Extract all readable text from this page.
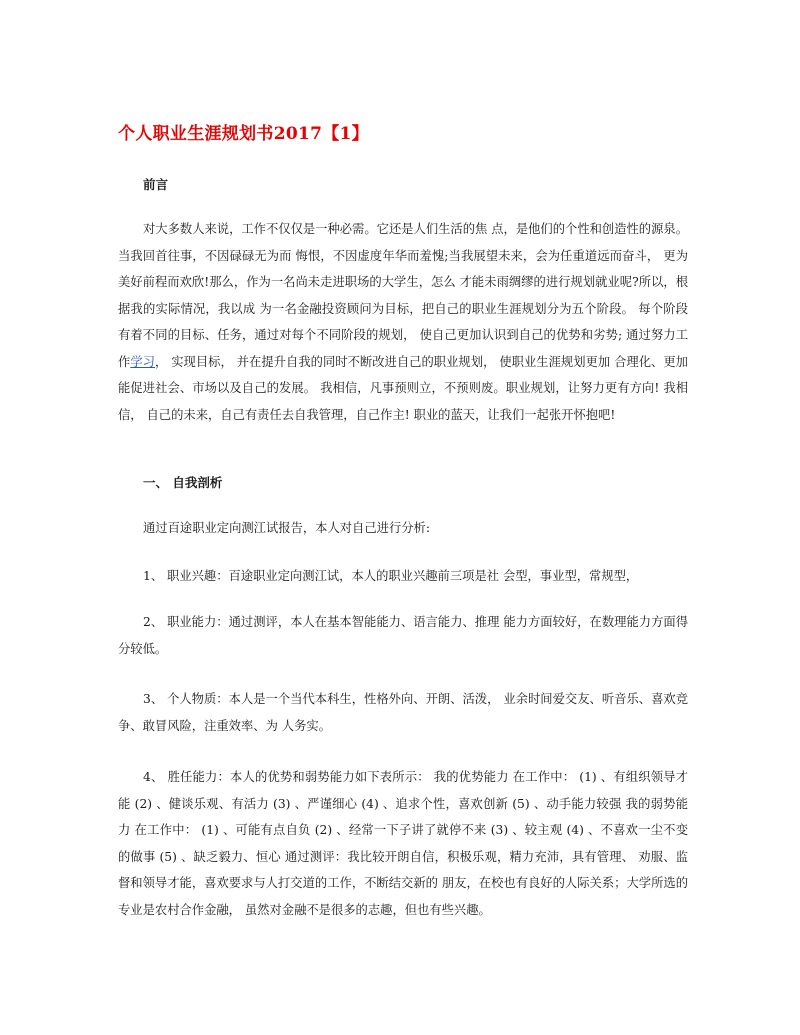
个人职业生涯规划书2017【1】
前言

对大多数人来说，工作不仅仅是一种必需。它还是人们生活的焦 点，是他们的个性和创造性的源泉。当我回首往事，不因碌碌无为而 悔恨，不因虚度年华而羞愧;当我展望未来，会为任重道远而奋斗， 更为美好前程而欢欣!那么，作为一名尚未走进职场的大学生，怎么 才能未雨绸缪的进行规划就业呢?所以，根据我的实际情况，我以成 为一名金融投资顾问为目标，把自己的职业生涯规划分为五个阶段。 每个阶段有着不同的目标、任务，通过对每个不同阶段的规划， 使自己更加认识到自己的优势和劣势; 通过努力工作学习， 实现目标， 并在提升自我的同时不断改进自己的职业规划， 使职业生涯规划更加 合理化、更加能促进社会、市场以及自己的发展。 我相信，凡事预则立，不预则废。职业规划，让努力更有方向! 我相信， 自己的未来，自己有责任去自我管理，自己作主! 职业的蓝天，让我们一起张开怀抱吧!

一、 自我剖析

通过百途职业定向测江试报告，本人对自己进行分析:

1、 职业兴趣：百途职业定向测江试，本人的职业兴趣前三项是社 会型，事业型，常规型，

2、 职业能力：通过测评，本人在基本智能能力、语言能力、推理 能力方面较好，在数理能力方面得分较低。

3、 个人物质：本人是一个当代本科生，性格外向、开朗、活泼， 业余时间爱交友、听音乐、喜欢竞争、敢冒风险，注重效率、为 人务实。

4、 胜任能力：本人的优势和弱势能力如下表所示： 我的优势能力 在工作中： (1) 、有组织领导才能 (2) 、健谈乐观、有活力 (3) 、严谨细心 (4) 、追求个性，喜欢创新 (5) 、动手能力较强 我的弱势能力 在工作中： (1) 、可能有点自负 (2) 、经常一下子讲了就停不来 (3) 、较主观 (4) 、不喜欢一尘不变的做事 (5) 、缺乏毅力、恒心 通过测评：我比较开朗自信，积极乐观，精力充沛，具有管理、 劝服、监督和领导才能，喜欢要求与人打交道的工作，不断结交新的 朋友，在校也有良好的人际关系；大学所选的专业是农村合作金融， 虽然对金融不是很多的志趣，但也有些兴趣。
